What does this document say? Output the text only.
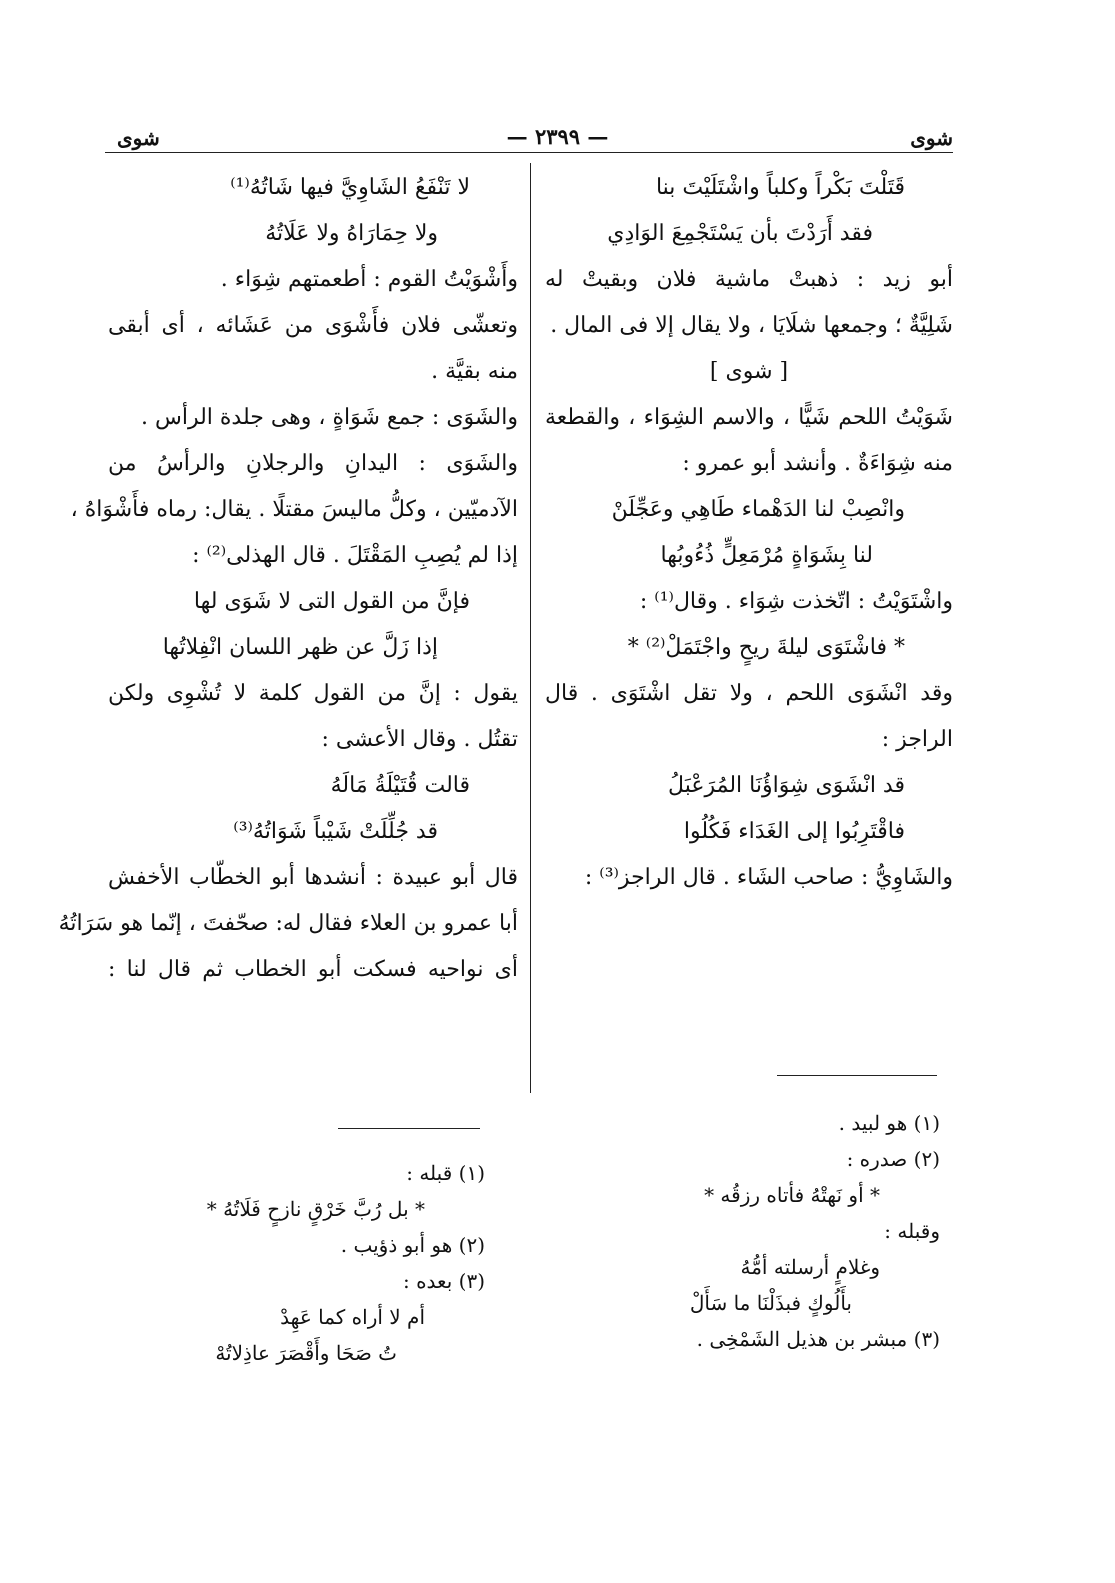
شوى
— ٢٣٩٩ —
شوى
قَتَلْتَ بَكْراً وكلباً واشْتَلَيْتَ بنا
فقد أَرَدْتَ بأن يَسْتَجْمِعَ الوَادِي
أبو زيد : ذهبتْ ماشية فلان وبقيتْ له
شَلِيَّةٌ ؛ وجمعها شلَايَا ، ولا يقال إلا فى المال .
[ شوى ]
شَوَيْتُ اللحم شَيًّا ، والاسم الشِوَاء ، والقطعة
منه شِوَاءَةٌ . وأنشد أبو عمرو :
وانْصِبْ لنا الدَهْماء طَاهِي وعَجِّلَنْ
لنا بِشَوَاةٍ مُرْمَعِلٍّ ذُءُوبُها
واشْتَوَيْتُ : اتّخذت شِوَاء . وقال⁽¹⁾ :
* فاشْتَوَى ليلةَ ريحٍ واجْتَمَلْ⁽²⁾ *
وقد انْشَوَى اللحم ، ولا تقل اشْتَوَى . قال
الراجز :
قد انْشَوَى شِوَاؤُنَا المُرَعْبَلُ
فاقْتَرِبُوا إلى الغَدَاء فَكُلُوا
والشَاوِيُّ : صاحب الشَاء . قال الراجز⁽³⁾ :
لا تَنْفَعُ الشَاوِيَّ فيها شَاتُهُ⁽¹⁾
ولا حِمَارَاهُ ولا عَلَاتُهُ
وأَشْوَيْتُ القوم : أطعمتهم شِوَاء .
وتعشّى فلان فأَشْوَى من عَشَائه ، أى أبقى
منه بقيَّة .
والشَوَى : جمع شَوَاةٍ ، وهى جلدة الرأس .
والشَوَى : اليدانِ والرجلانِ والرأسُ من
الآدميّين ، وكلُّ ماليسَ مقتلًا . يقال: رماه فأَشْوَاهُ ،
إذا لم يُصِبِ المَقْتَلَ . قال الهذلى⁽²⁾ :
فإنَّ من القول التى لا شَوَى لها
إذا زَلَّ عن ظهر اللسان انْفِلاتُها
يقول : إنَّ من القول كلمة لا تُشْوِى ولكن
تقتُل . وقال الأعشى :
قالت قُتَيْلَةُ مَالَهُ
قد جُلِّلَتْ شَيْباً شَوَاتُهُ⁽³⁾
قال أبو عبيدة : أنشدها أبو الخطّاب الأخفش
أبا عمرو بن العلاء فقال له: صحّفتَ ، إنّما هو سَرَاتُهُ
أى نواحيه فسكت أبو الخطاب ثم قال لنا :
(١) هو لبيد .
(٢) صدره :
* أو نَهتْهُ فأتاه رزقُه *
وقبله :
وغلامٍ أرسلته أمُّهُ
بأَلُوكٍ فبذَلْنَا ما سَأَلْ
(٣) مبشر بن هذيل الشَمْخِى .
(١) قبله :
* بل رُبَّ خَرْقٍ نازحٍ فَلَاتُهُ *
(٢) هو أبو ذؤيب .
(٣) بعده :
أم لا أراه كما عَهِدْ
تُ صَحَا وأَقْصَرَ عاذِلاتُهْ
